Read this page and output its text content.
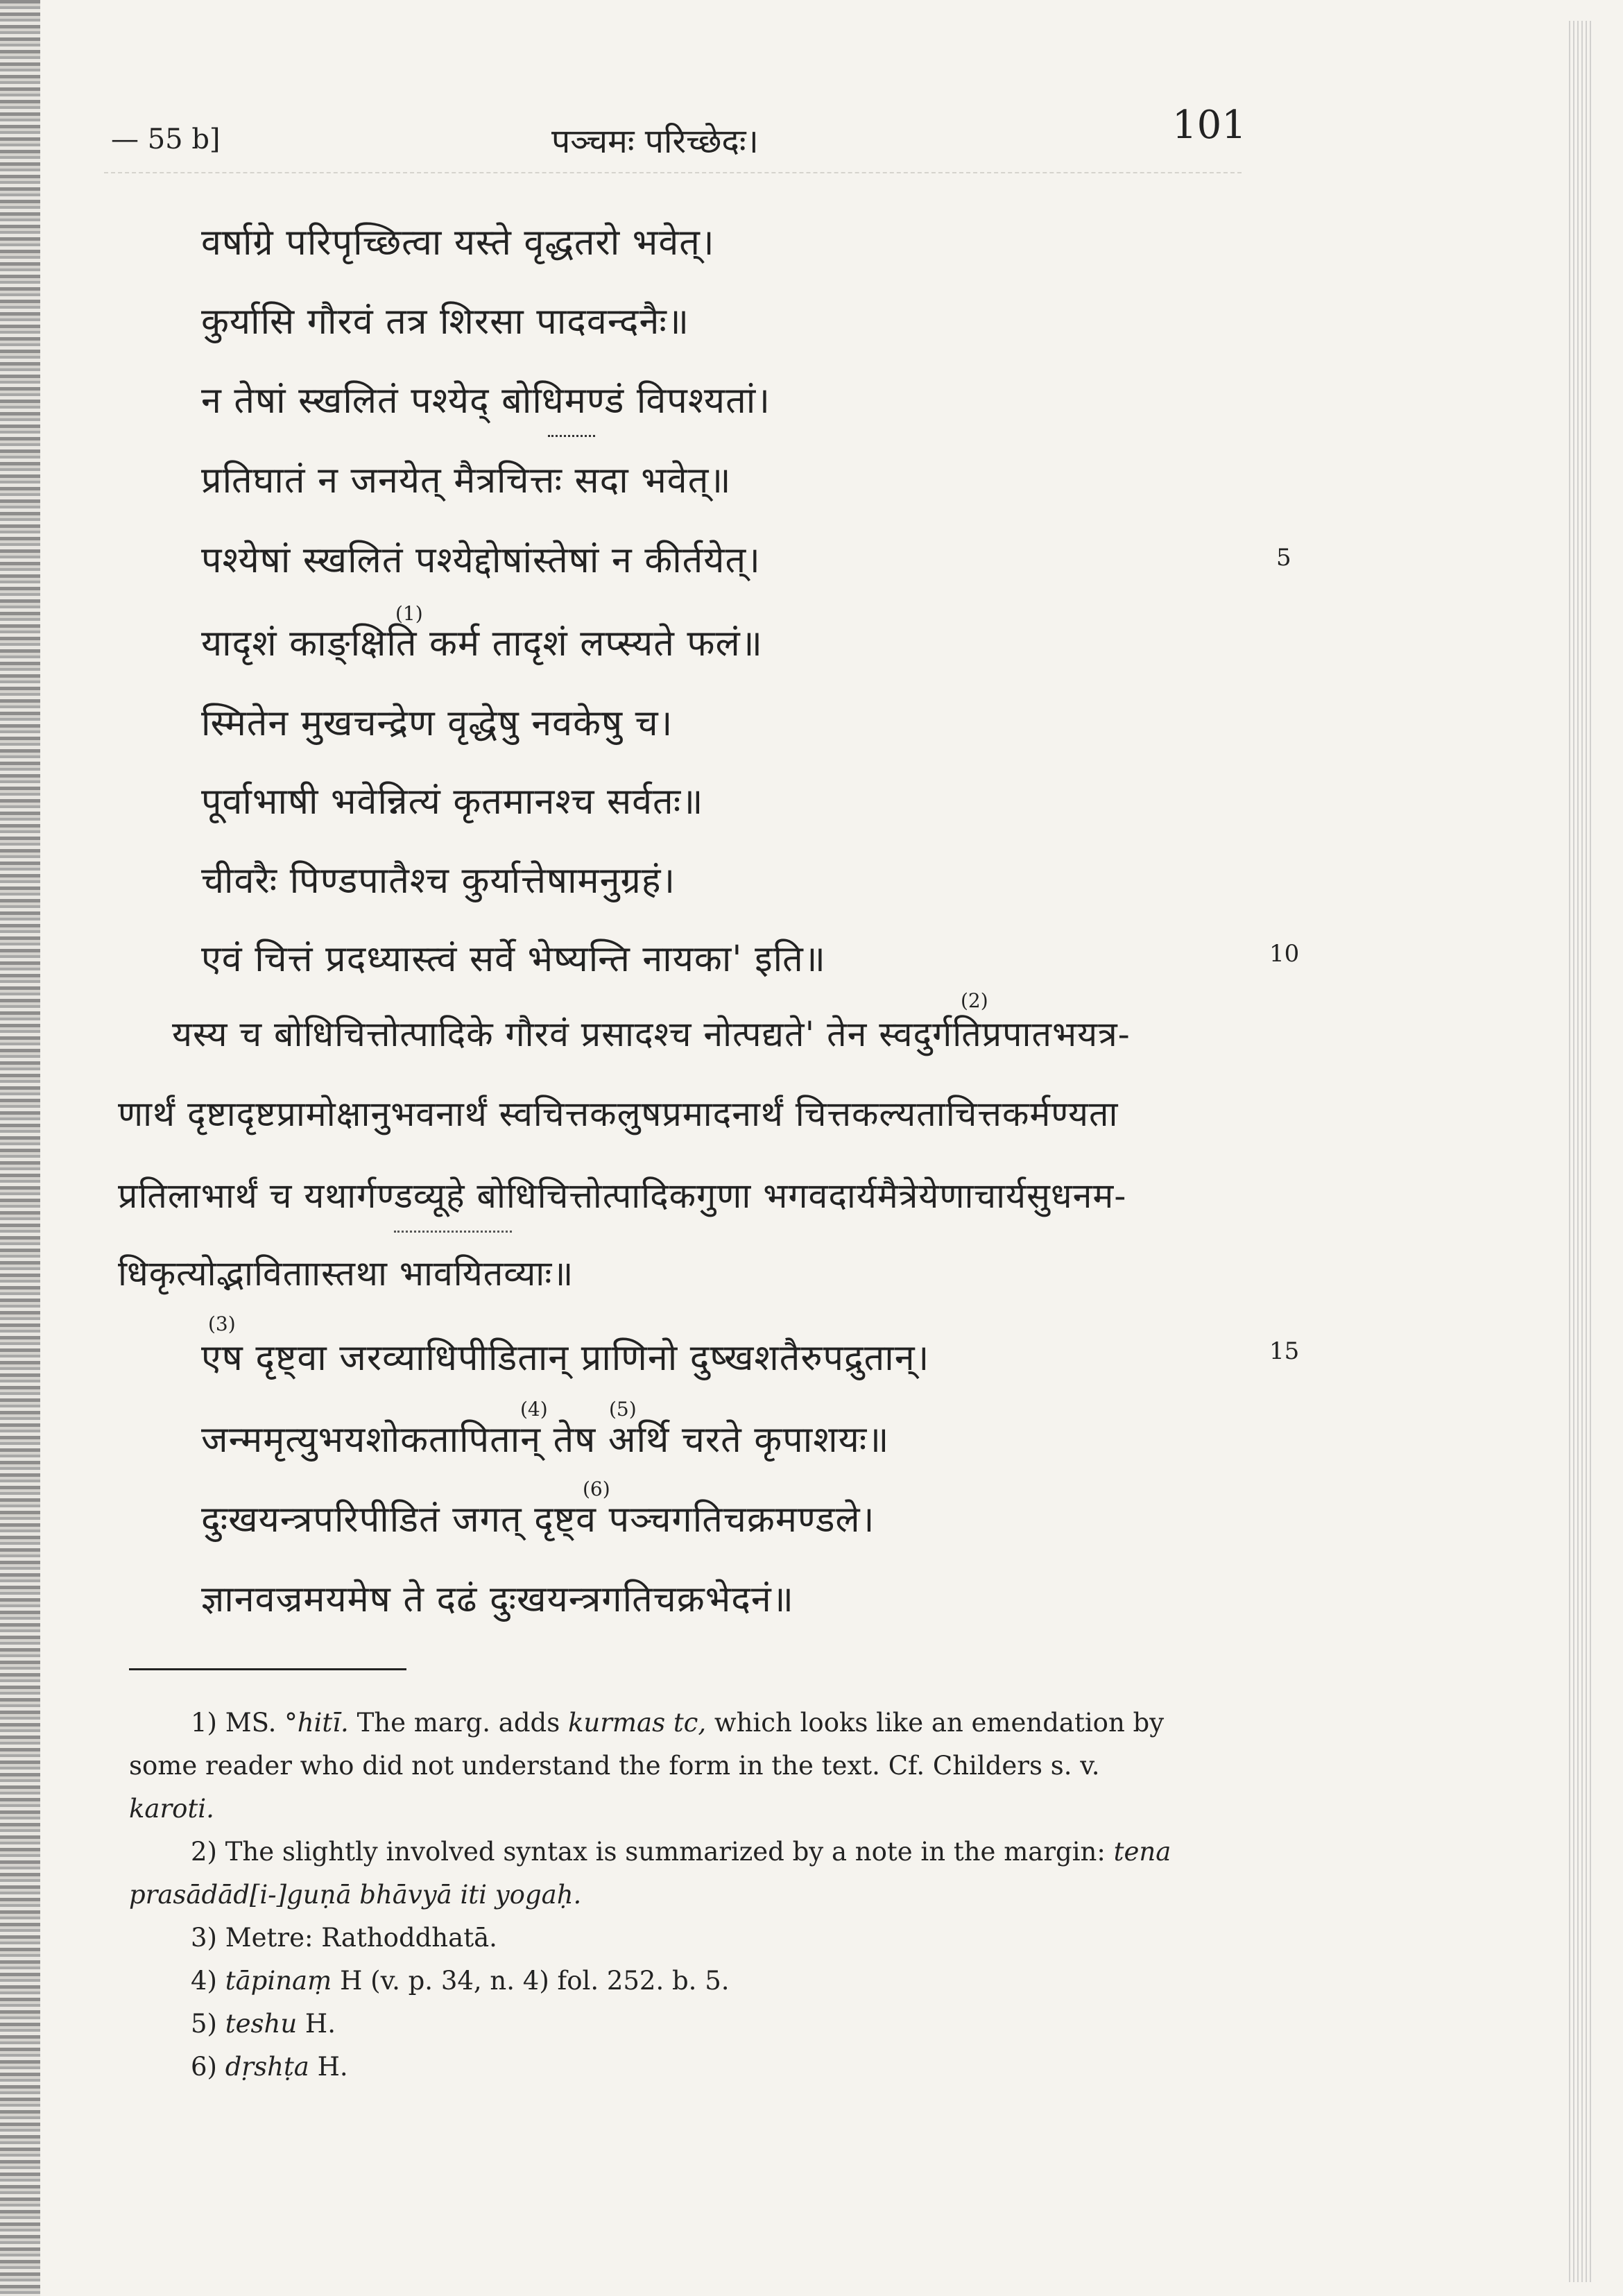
— 55 b]	पञ्चमः परिच्छेदः।	101
वर्षाग्रे परिपृच्छित्वा यस्ते वृद्धतरो भवेत्।
कुर्यासि गौरवं तत्र शिरसा पादवन्दनैः॥
न तेषां स्खलितं पश्येद् बोधिमण्डं विपश्यतां।
प्रतिघातं न जनयेत् मैत्रचित्तः सदा भवेत्॥
पश्येषां स्खलितं पश्येद्दोषांस्तेषां न कीर्तयेत्।	5
(1)
यादृशं काङ्क्षिति कर्म तादृशं लप्स्यते फलं॥
स्मितेन मुखचन्द्रेण वृद्धेषु नवकेषु च।
पूर्वाभाषी भवेन्नित्यं कृतमानश्च सर्वतः॥
चीवरैः पिण्डपातैश्च कुर्यात्तेषामनुग्रहं।
एवं चित्तं प्रदध्यास्त्वं सर्वे भेष्यन्ति नायका' इति॥	10
(2)
यस्य च बोधिचित्तोत्पादिके गौरवं प्रसादश्च नोत्पद्यते' तेन स्वदुर्गतिप्रपातभयत्र-
णार्थं दृष्टादृष्टप्रामोक्षानुभवनार्थं स्वचित्तकलुषप्रमादनार्थं चित्तकल्यताचित्तकर्मण्यता
प्रतिलाभार्थं च यथार्गण्डव्यूहे बोधिचित्तोत्पादिकगुणा भगवदार्यमैत्रेयेणाचार्यसुधनम-
धिकृत्योद्भाविताास्तथा भावयितव्याः॥
(3)
एष दृष्ट्वा जरव्याधिपीडितान् प्राणिनो दुष्खशतैरुपद्रुतान्।	15
(4)	(5)
जन्ममृत्युभयशोकतापितान् तेष अर्थि चरते कृपाशयः॥
(6)
दुःखयन्त्रपरिपीडितं जगत् दृष्ट्व पञ्चगतिचक्रमण्डले।
ज्ञानवज्रमयमेष ते दढं दुःखयन्त्रगतिचक्रभेदनं॥
1) MS. °hitī. The marg. adds kurmas tc, which looks like an emendation by
some reader who did not understand the form in the text. Cf. Childers s. v.
karoti.
2) The slightly involved syntax is summarized by a note in the margin: tena
prasādād[i-]guṇā bhāvyā iti yogaḥ.
3) Metre: Rathoddhatā.
4) tāpinaṃ H (v. p. 34, n. 4) fol. 252. b. 5.
5) teshu H.
6) dṛshṭa H.
